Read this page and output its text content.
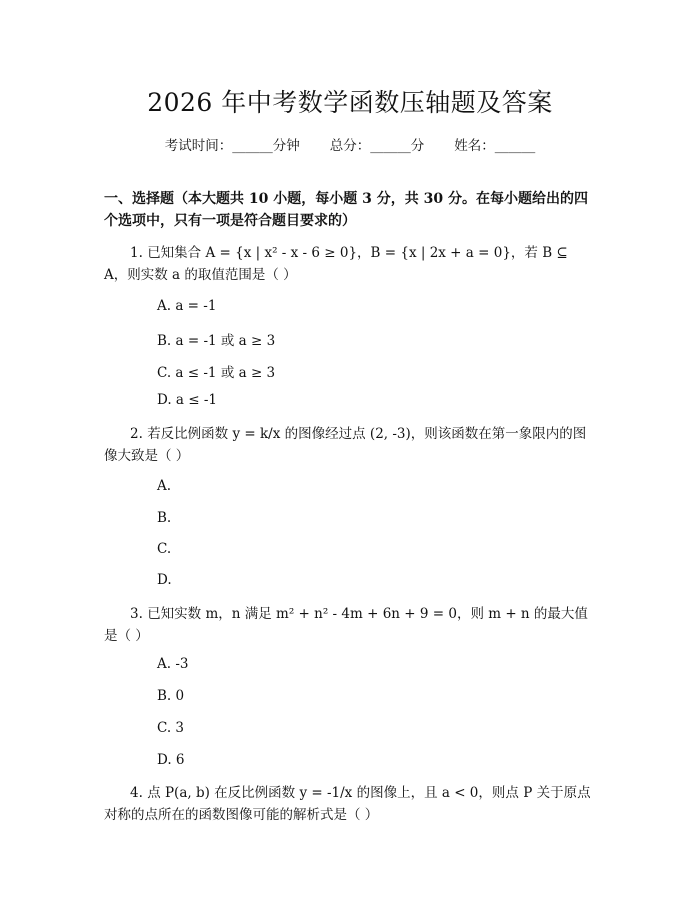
2026 年中考数学函数压轴题及答案
考试时间：______分钟 总分：______分 姓名：______
一、选择题（本大题共 10 小题，每小题 3 分，共 30 分。在每小题给出的四个选项中，只有一项是符合题目要求的）
1. 已知集合 A = {x | x² - x - 6 ≥ 0}，B = {x | 2x + a = 0}，若 B ⊆ A，则实数 a 的取值范围是（ ）
A. a = -1
B. a = -1 或 a ≥ 3
C. a ≤ -1 或 a ≥ 3
D. a ≤ -1
2. 若反比例函数 y = k/x 的图像经过点 (2, -3)，则该函数在第一象限内的图像大致是（ ）
A.
B.
C.
D.
3. 已知实数 m，n 满足 m² + n² - 4m + 6n + 9 = 0，则 m + n 的最大值是（ ）
A. -3
B. 0
C. 3
D. 6
4. 点 P(a, b) 在反比例函数 y = -1/x 的图像上，且 a < 0，则点 P 关于原点对称的点所在的函数图像可能的解析式是（ ）
